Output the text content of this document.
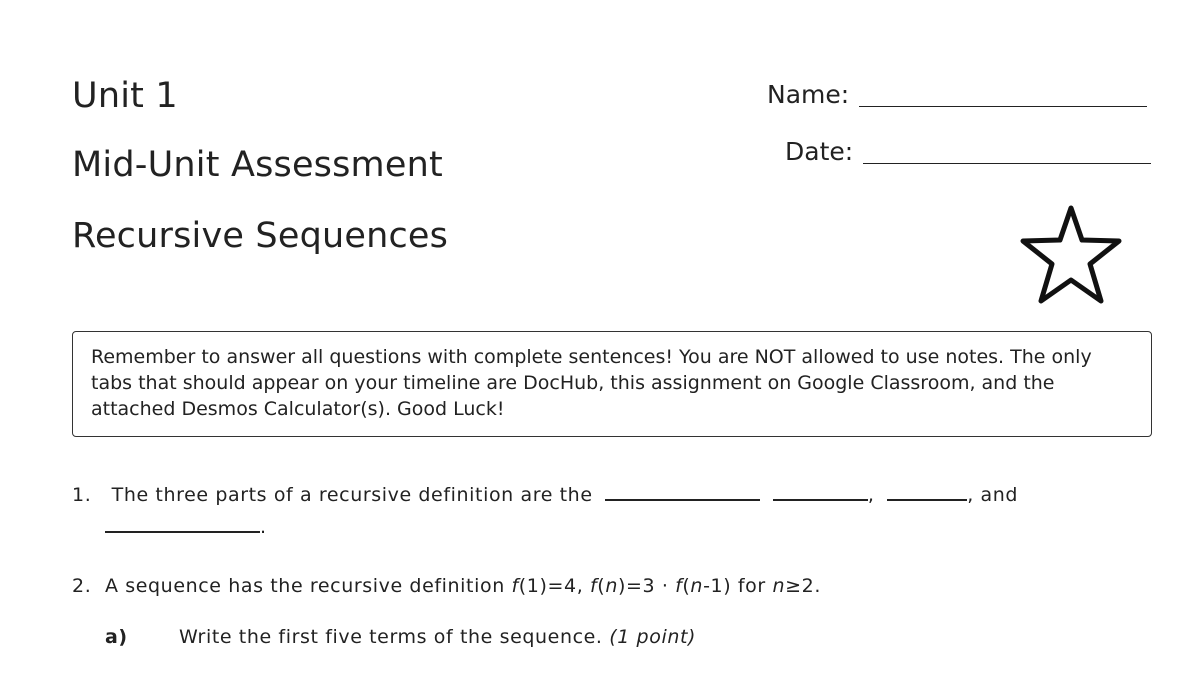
Unit 1
Mid-Unit Assessment
Recursive Sequences
Name:
Date:
Remember to answer all questions with complete sentences! You are NOT allowed to use notes. The only tabs that should appear on your timeline are DocHub, this assignment on Google Classroom, and the attached Desmos Calculator(s). Good Luck!
1. The three parts of a recursive definition are the	,	, and
.
2. A sequence has the recursive definition f(1)=4, f(n)=3 · f(n-1) for n≥2.
a)	Write the first five terms of the sequence. (1 point)
